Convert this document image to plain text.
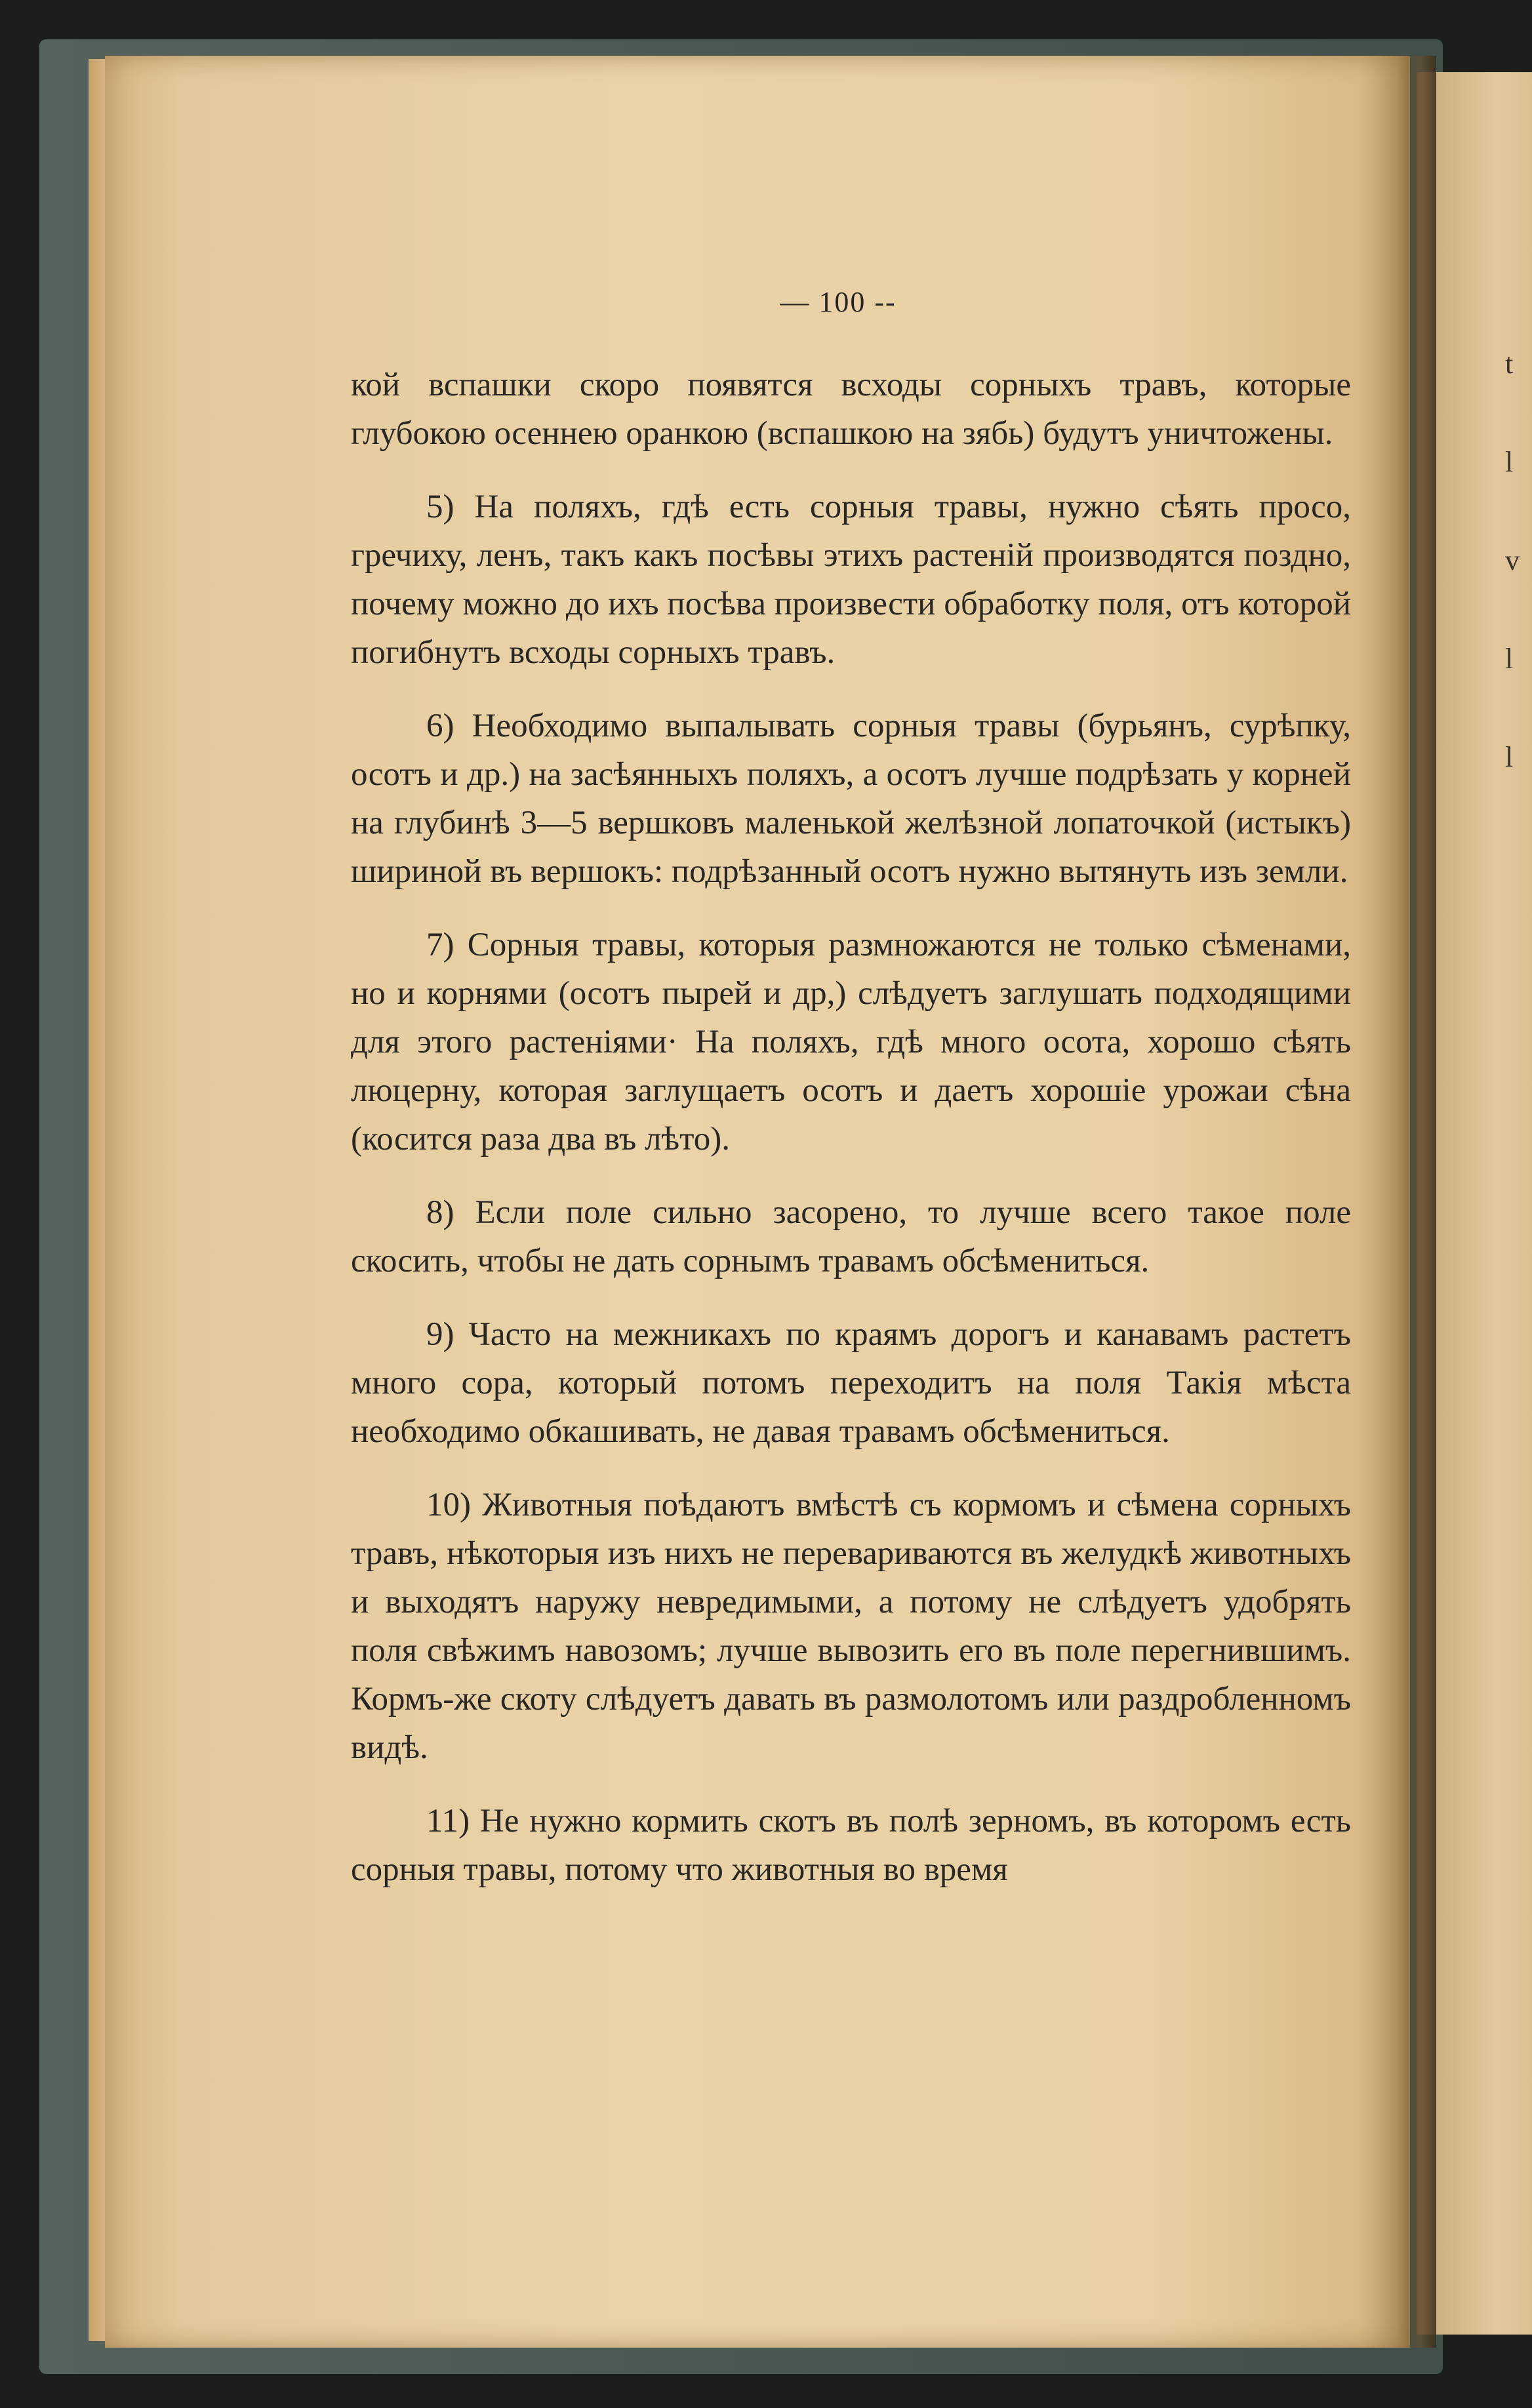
t
l
v
l
l
— 100 --

кой вспашки скоро появятся всходы сорныхъ травъ, которые глубокою осеннею оранкою (вспашкою на зябь) будутъ уничтожены.

5) На поляхъ, гдѣ есть сорныя травы, нужно сѣять просо, гречиху, ленъ, такъ какъ посѣвы этихъ растенiй производятся поздно, почему можно до ихъ посѣва произвести обработку поля, отъ которой погибнутъ всходы сорныхъ травъ.

6) Необходимо выпалывать сорныя травы (бурьянъ, сурѣпку, осотъ и др.) на засѣянныхъ поляхъ, а осотъ лучше подрѣзать у корней на глубинѣ 3—5 вершковъ маленькой желѣзной лопаточкой (истыкъ) шириной въ вершокъ: подрѣзанный осотъ нужно вытянуть изъ земли.

7) Сорныя травы, которыя размножаются не только сѣменами, но и корнями (осотъ пырей и др,) слѣдуетъ заглушать подходящими для этого растенiями· На поляхъ, гдѣ много осота, хорошо сѣять люцерну, которая заглущаетъ осотъ и даетъ хорошiе урожаи сѣна (косится раза два въ лѣто).

8) Если поле сильно засорено, то лучше всего такое поле скосить, чтобы не дать сорнымъ травамъ обсѣмениться.

9) Часто на межникахъ по краямъ дорогъ и канавамъ растетъ много сора, который потомъ переходитъ на поля Такiя мѣста необходимо обкашивать, не давая травамъ обсѣмениться.

10) Животныя поѣдаютъ вмѣстѣ съ кормомъ и сѣмена сорныхъ травъ, нѣкоторыя изъ нихъ не перевариваются въ желудкѣ животныхъ и выходятъ наружу невредимыми, а потому не слѣдуетъ удобрять поля свѣжимъ навозомъ; лучше вывозить его въ поле перегнившимъ. Кормъ-же скоту слѣдуетъ давать въ размолотомъ или раздробленномъ видѣ.

11) Не нужно кормить скотъ въ полѣ зерномъ, въ которомъ есть сорныя травы, потому что животныя во время
